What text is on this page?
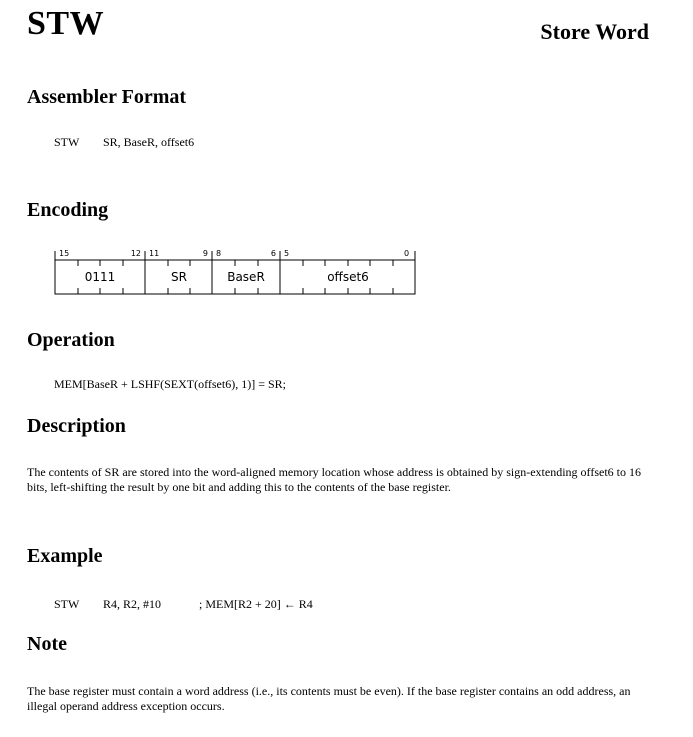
STW	Store Word
Assembler Format
STW SR, BaseR, offset6
Encoding
15	12 11	9 8	6 5	0
0111	SR	BaseR	offset6
Operation
MEM[BaseR + LSHF(SEXT(offset6), 1)] = SR;
Description
The contents of SR are stored into the word-aligned memory location whose address is obtained by sign-extending offset6 to 16 bits, left-shifting the result by one bit and adding this to the contents of the base register.
Example
STW R4, R2, #10	; MEM[R2 + 20] ← R4
Note
The base register must contain a word address (i.e., its contents must be even). If the base register contains an odd address, an illegal operand address exception occurs.
